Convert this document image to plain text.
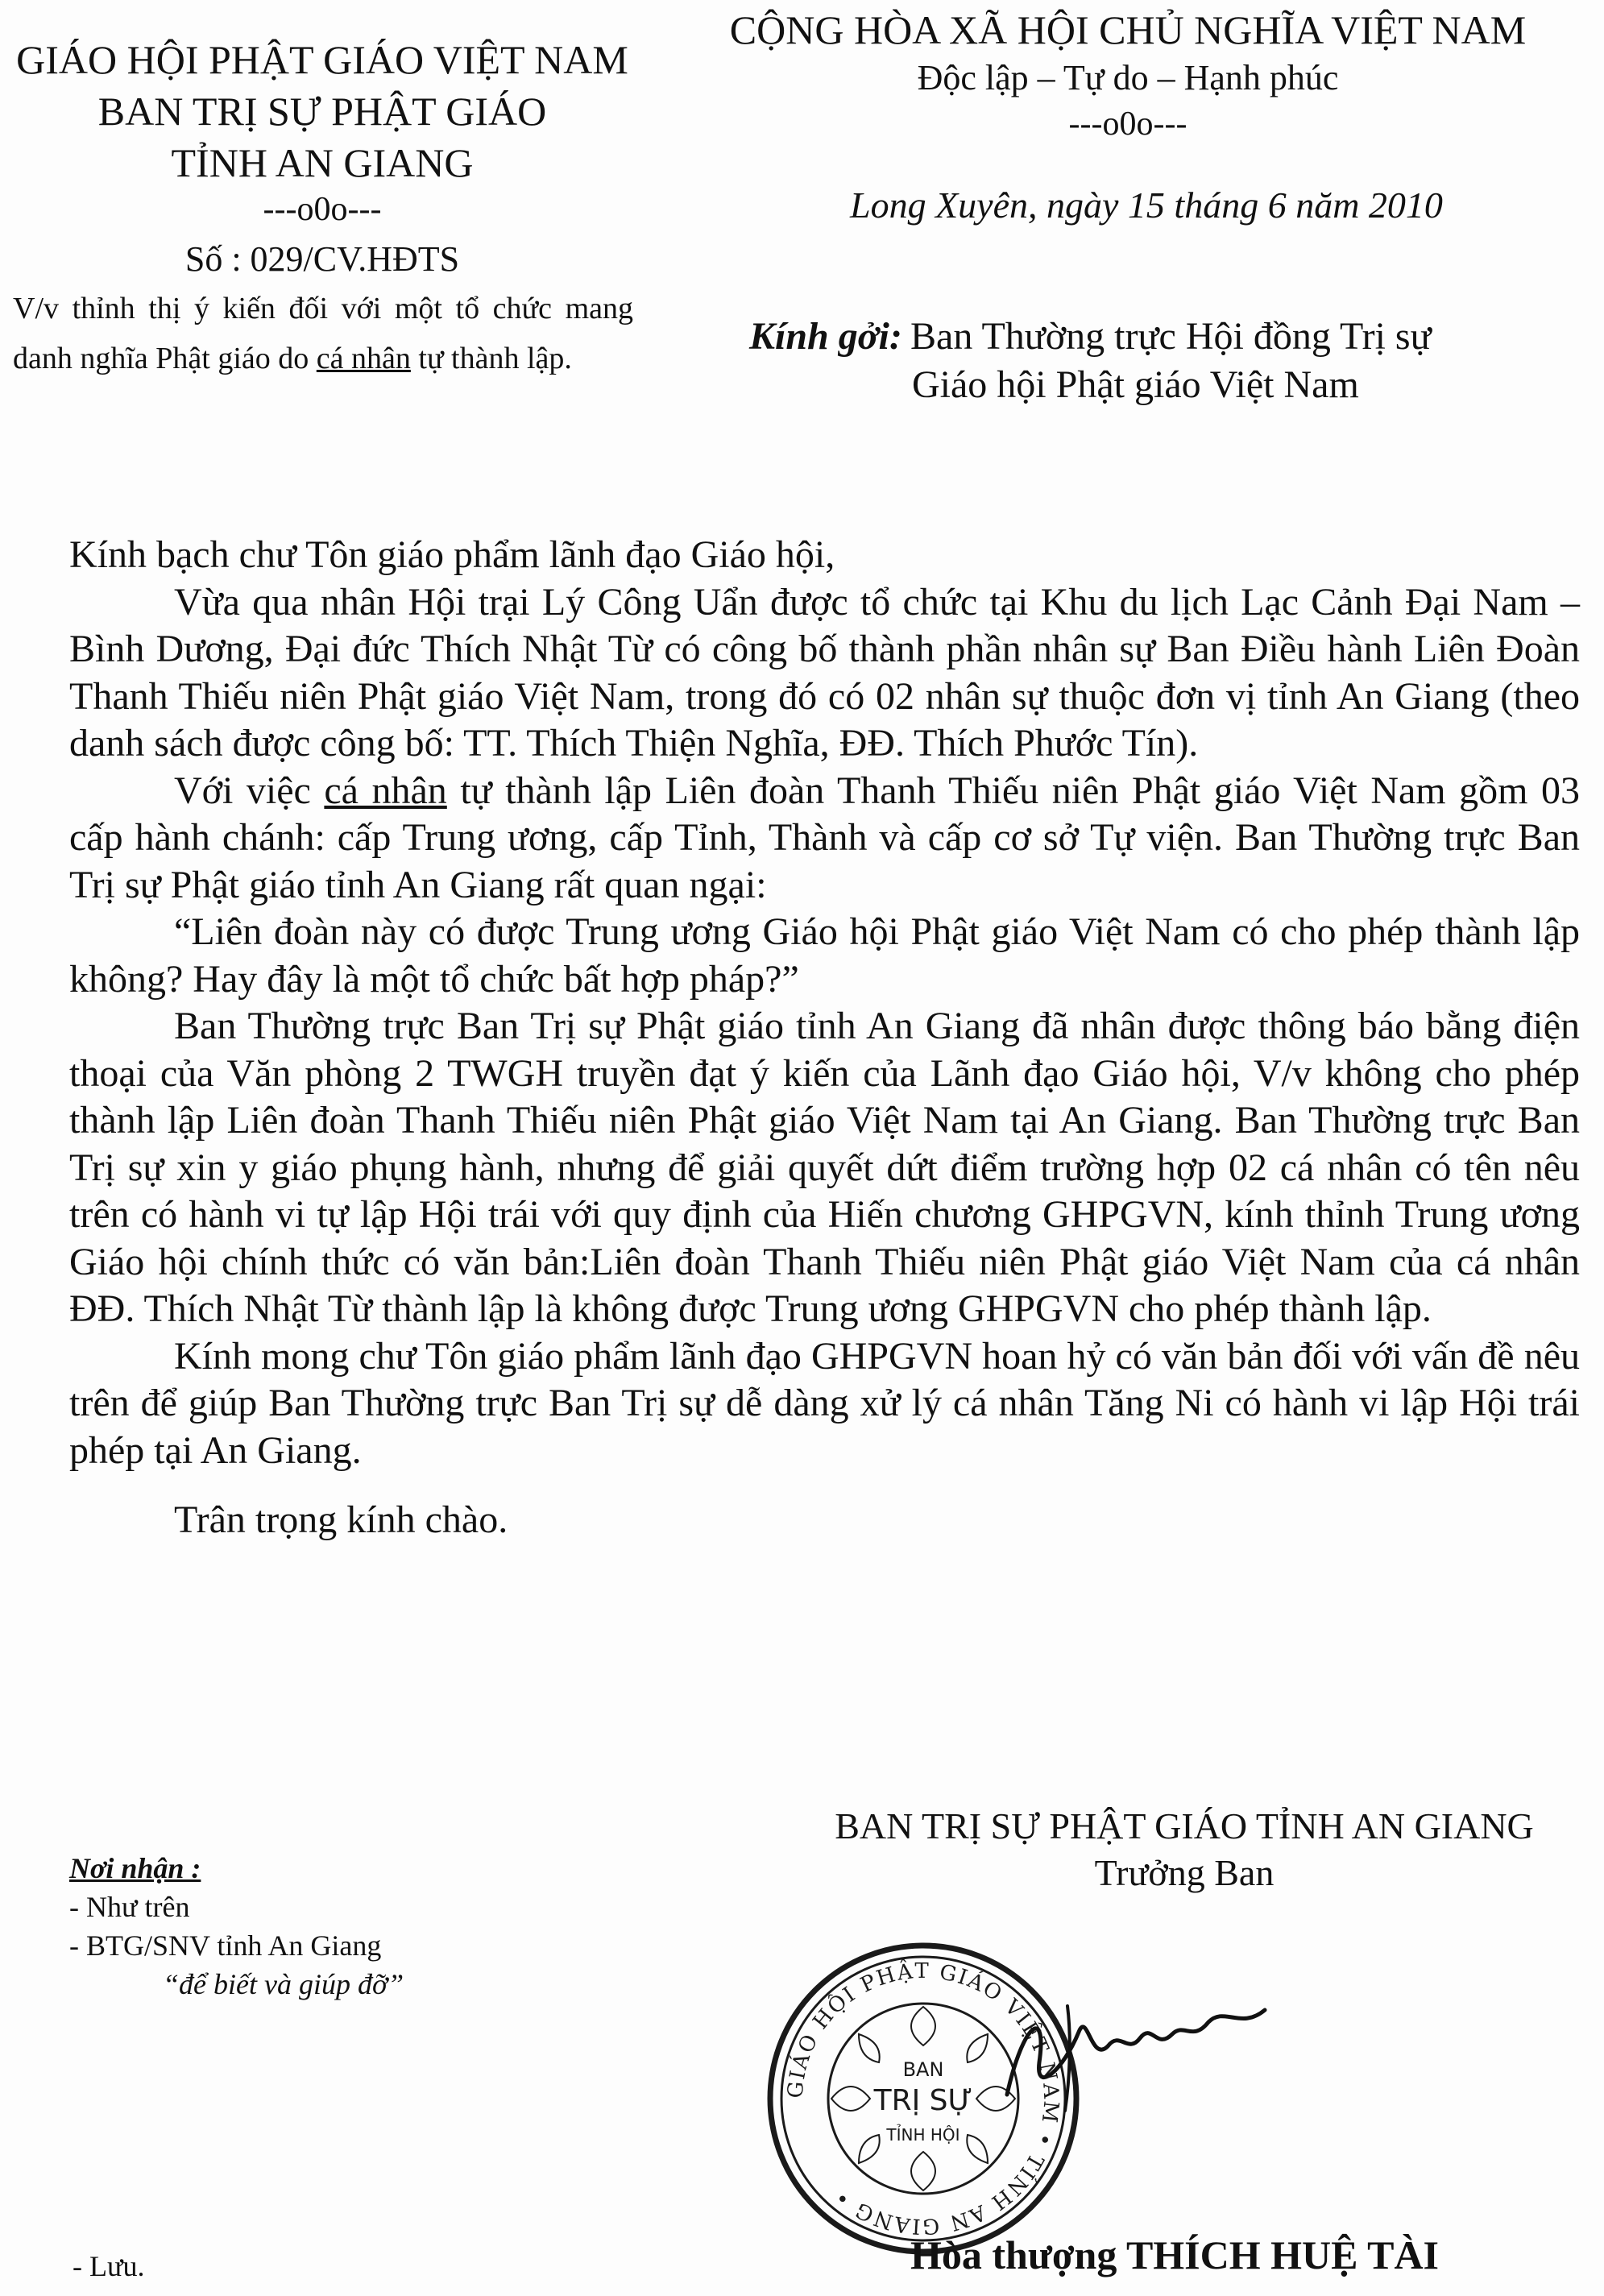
GIÁO HỘI PHẬT GIÁO VIỆT NAM
BAN TRỊ SỰ PHẬT GIÁO
TỈNH AN GIANG
---o0o---
Số : 029/CV.HĐTS
CỘNG HÒA XÃ HỘI CHỦ NGHĨA VIỆT NAM
Độc lập – Tự do – Hạnh phúc
---o0o---
Long Xuyên, ngày 15 tháng 6 năm 2010
V/v thỉnh thị ý kiến đối với một tổ chức mang danh nghĩa Phật giáo do cá nhân tự thành lập.
Kính gởi: Ban Thường trực Hội đồng Trị sự
Giáo hội Phật giáo Việt Nam

Kính bạch chư Tôn giáo phẩm lãnh đạo Giáo hội,

Vừa qua nhân Hội trại Lý Công Uẩn được tổ chức tại Khu du lịch Lạc Cảnh Đại Nam – Bình Dương, Đại đức Thích Nhật Từ có công bố thành phần nhân sự Ban Điều hành Liên Đoàn Thanh Thiếu niên Phật giáo Việt Nam, trong đó có 02 nhân sự thuộc đơn vị tỉnh An Giang (theo danh sách được công bố: TT. Thích Thiện Nghĩa, ĐĐ. Thích Phước Tín).

Với việc cá nhân tự thành lập Liên đoàn Thanh Thiếu niên Phật giáo Việt Nam gồm 03 cấp hành chánh: cấp Trung ương, cấp Tỉnh, Thành và cấp cơ sở Tự viện. Ban Thường trực Ban Trị sự Phật giáo tỉnh An Giang rất quan ngại:

“Liên đoàn này có được Trung ương Giáo hội Phật giáo Việt Nam có cho phép thành lập không? Hay đây là một tổ chức bất hợp pháp?”

Ban Thường trực Ban Trị sự Phật giáo tỉnh An Giang đã nhân được thông báo bằng điện thoại của Văn phòng 2 TWGH truyền đạt ý kiến của Lãnh đạo Giáo hội, V/v không cho phép thành lập Liên đoàn Thanh Thiếu niên Phật giáo Việt Nam tại An Giang. Ban Thường trực Ban Trị sự xin y giáo phụng hành, nhưng để giải quyết dứt điểm trường hợp 02 cá nhân có tên nêu trên có hành vi tự lập Hội trái với quy định của Hiến chương GHPGVN, kính thỉnh Trung ương Giáo hội chính thức có văn bản:Liên đoàn Thanh Thiếu niên Phật giáo Việt Nam của cá nhân ĐĐ. Thích Nhật Từ thành lập là không được Trung ương GHPGVN cho phép thành lập.

Kính mong chư Tôn giáo phẩm lãnh đạo GHPGVN hoan hỷ có văn bản đối với vấn đề nêu trên để giúp Ban Thường trực Ban Trị sự dễ dàng xử lý cá nhân Tăng Ni có hành vi lập Hội trái phép tại An Giang.

Trân trọng kính chào.

Nơi nhận :
- Như trên
- BTG/SNV tỉnh An Giang
“để biết và giúp đỡ”
- Lưu.
BAN TRỊ SỰ PHẬT GIÁO TỈNH AN GIANG
Trưởng Ban
GIÁO HỘI PHẬT GIÁO VIỆT NAM • TỈNH AN GIANG •
BAN
TRỊ SỰ
TỈNH HỘI
Hòa thượng THÍCH HUỆ TÀI
